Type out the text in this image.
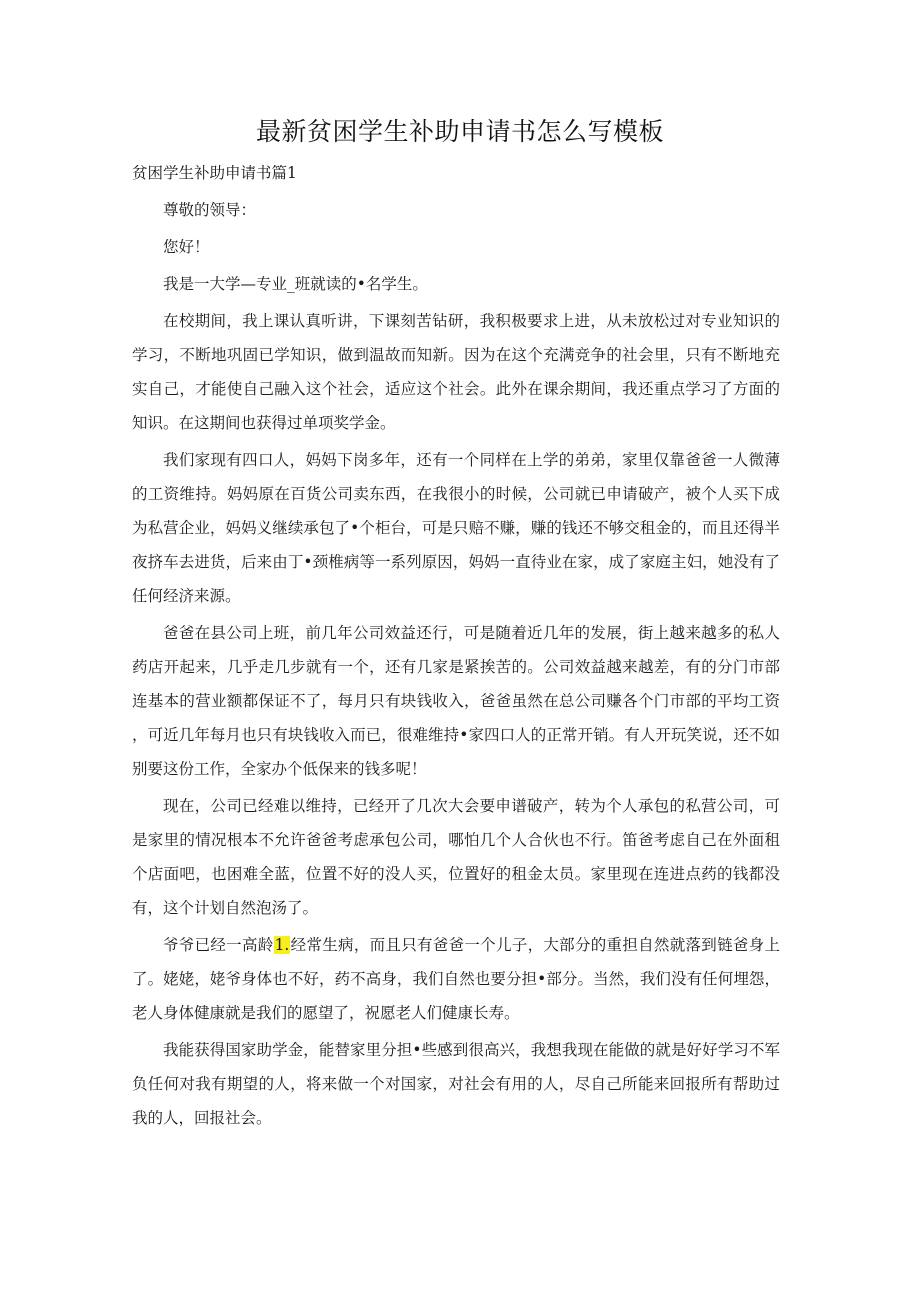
最新贫困学生补助申请书怎么写模板

贫困学生补助申请书篇1

尊敬的领导：

您好！

我是一大学—专业_班就读的•名学生。

在校期间，我上课认真听讲，下课刻苦钻研，我积极要求上进，从未放松过对专业知识的学习，不断地巩固已学知识，做到温故而知新。因为在这个充满竞争的社会里，只有不断地充实自己，才能使自己融入这个社会，适应这个社会。此外在课余期间，我还重点学习了方面的知识。在这期间也获得过单项奖学金。

我们家现有四口人，妈妈下岗多年，还有一个同样在上学的弟弟，家里仅靠爸爸一人微薄的工资维持。妈妈原在百货公司卖东西，在我很小的时候，公司就已申请破产，被个人买下成为私营企业，妈妈义继续承包了•个柜台，可是只赔不赚，赚的钱还不够交租金的，而且还得半夜挤车去进货，后来由丁•颈椎病等一系列原因，妈妈一直待业在家，成了家庭主妇，她没有了任何经济来源。

爸爸在县公司上班，前几年公司效益还行，可是随着近几年的发展，街上越来越多的私人药店开起来，几乎走几步就有一个，还有几家是紧挨苦的。公司效益越来越差，有的分门市部连基本的营业额都保证不了，每月只有块钱收入，爸爸虽然在总公司赚各个门市部的平均工资，可近几年每月也只有块钱收入而已，很难维持•家四口人的正常开销。有人开玩笑说，还不如别要这份工作，全家办个低保来的钱多呢！

现在，公司已经难以维持，已经开了几次大会要申谱破产，转为个人承包的私营公司，可是家里的情况根本不允许爸爸考虑承包公司，哪怕几个人合伙也不行。笛爸考虑自己在外面租个店面吧，也困难全蓝，位置不好的没人买，位置好的租金太员。家里现在连进点药的钱都没有，这个计划自然泡汤了。

爷爷已经一高龄1.经常生病，而且只有爸爸一个儿子，大部分的重担自然就落到链爸身上了。姥姥，姥爷身体也不好，药不高身，我们自然也要分担•部分。当然，我们没有任何埋怨，老人身体健康就是我们的愿望了，祝愿老人们健康长寿。

我能获得国家助学金，能替家里分担•些感到很高兴，我想我现在能做的就是好好学习不军负任何对我有期望的人，将来做一个对国家，对社会有用的人，尽自己所能来回报所有帮助过我的人，回报社会。
